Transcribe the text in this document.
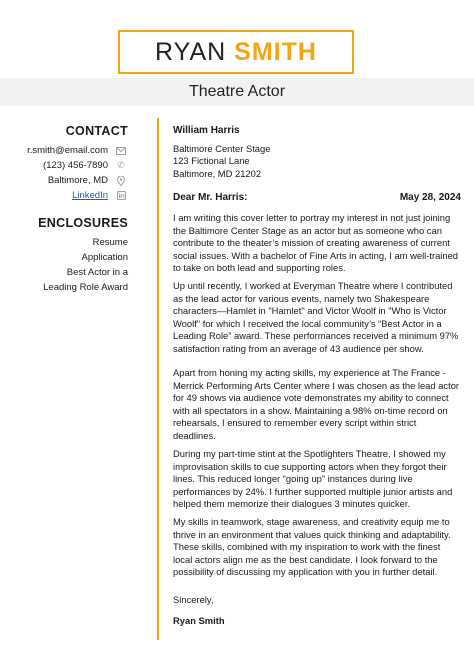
RYAN SMITH
Theatre Actor
CONTACT
r.smith@email.com
(123) 456-7890	✆
Baltimore, MD
LinkedIn
ENCLOSURES
Resume
Application
Best Actor in a
Leading Role Award

William Harris

Baltimore Center Stage

123 Fictional Lane

Baltimore, MD 21202

Dear Mr. Harris:	May 28, 2024
I am writing this cover letter to portray my interest in not just joining the Baltimore Center Stage as an actor but as someone who can contribute to the theater’s mission of creating awareness of current social issues. With a bachelor of Fine Arts in acting, I am well-trained to take on both lead and supporting roles.
Up until recently, I worked at Everyman Theatre where I contributed as the lead actor for various events, namely two Shakespeare characters—Hamlet in "Hamlet" and Victor Woolf in "Who is Victor Woolf" for which I received the local community’s “Best Actor in a Leading Role” award. These performances received a minimum 97% satisfaction rating from an average of 43 audience per show.
Apart from honing my acting skills, my experience at The France - Merrick Performing Arts Center where I was chosen as the lead actor for 49 shows via audience vote demonstrates my ability to connect with all spectators in a show. Maintaining a 98% on-time record on rehearsals, I ensured to remember every script within strict deadlines.
During my part-time stint at the Spotlighters Theatre, I showed my improvisation skills to cue supporting actors when they forgot their lines. This reduced longer “going up” instances during live performances by 24%. I further supported multiple junior artists and helped them memorize their dialogues 3 minutes quicker.
My skills in teamwork, stage awareness, and creativity equip me to thrive in an environment that values quick thinking and adaptability. These skills, combined with my inspiration to work with the finest local actors align me as the best candidate. I look forward to the possibility of discussing my application with you in further detail.
Sincerely,
Ryan Smith
